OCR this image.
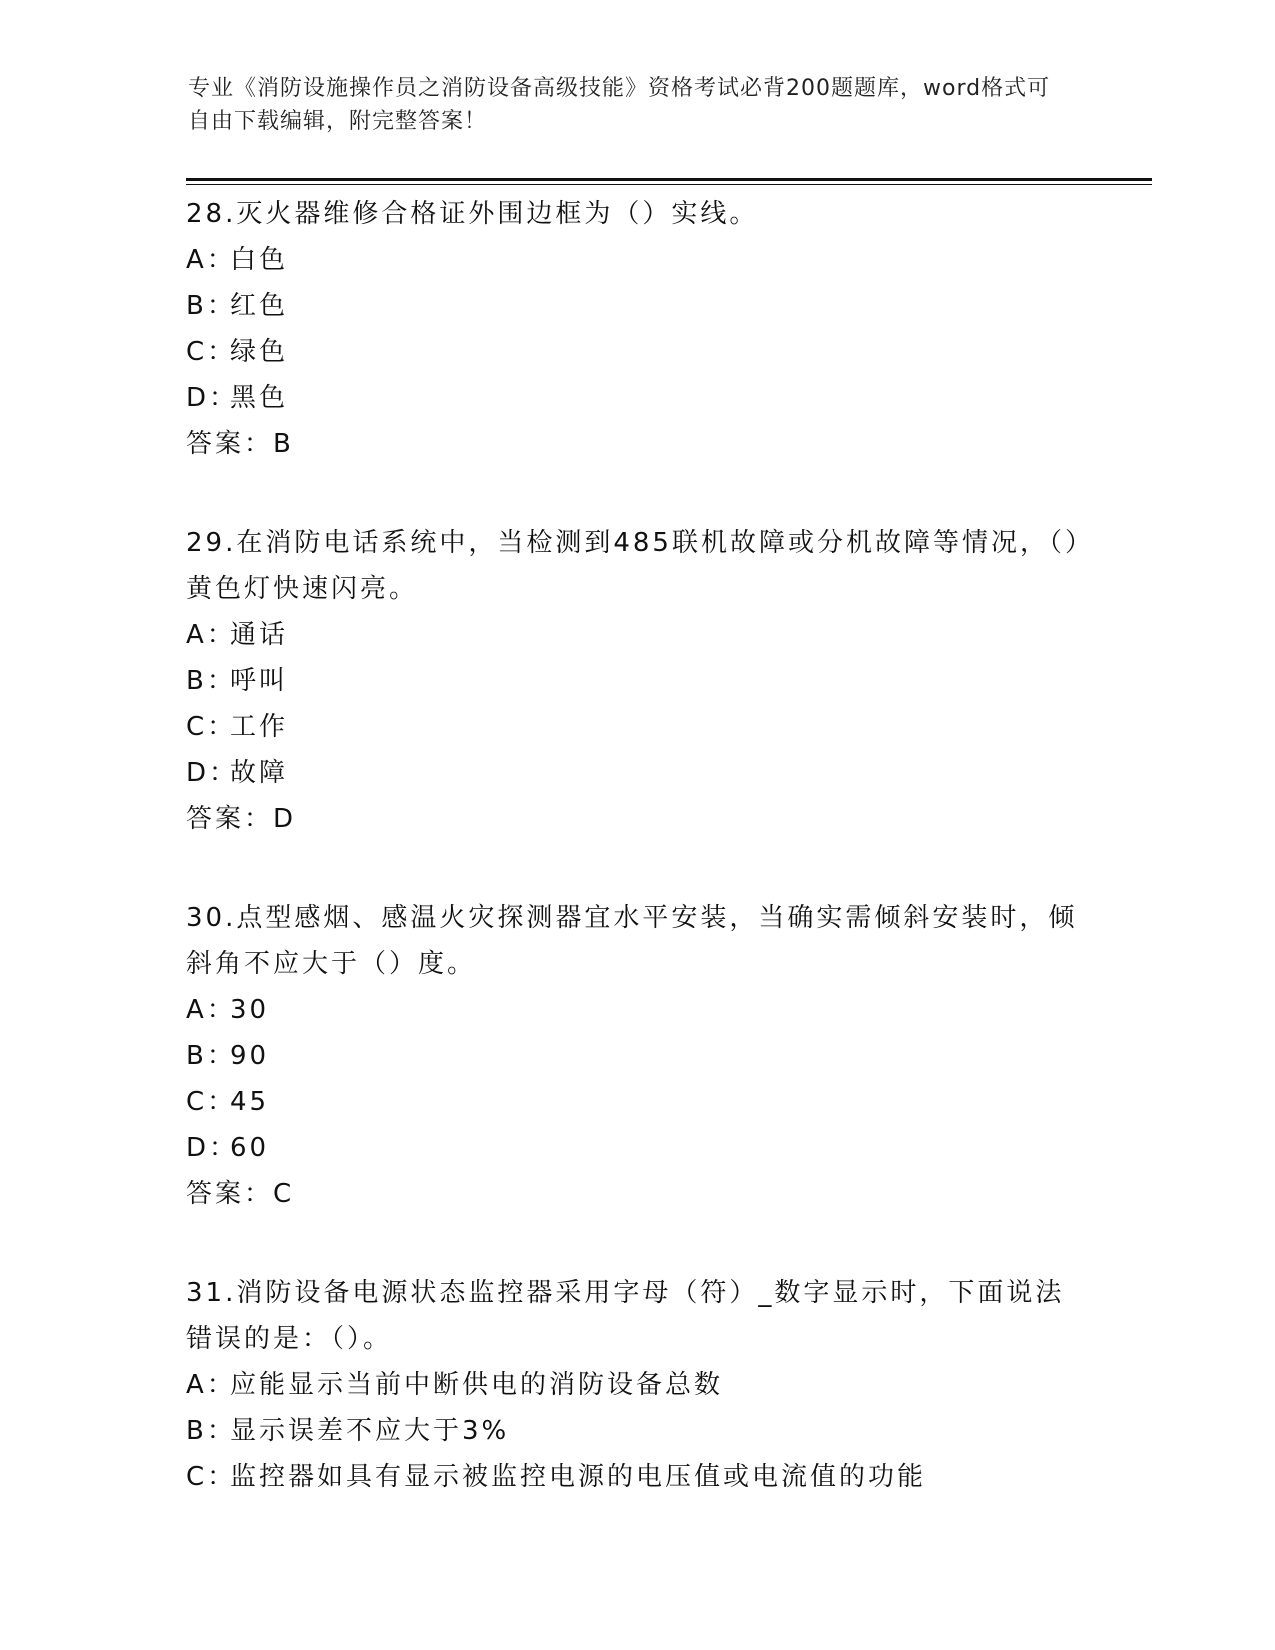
专业《消防设施操作员之消防设备高级技能》资格考试必背200题题库，word格式可自由下载编辑，附完整答案！

28.灭火器维修合格证外围边框为（）实线。

A：白色

B：红色

C：绿色

D：黑色

答案：B

29.在消防电话系统中，当检测到485联机故障或分机故障等情况，（）黄色灯快速闪亮。

A：通话

B：呼叫

C：工作

D：故障

答案：D

30.点型感烟、感温火灾探测器宜水平安装，当确实需倾斜安装时，倾斜角不应大于（）度。

A：30

B：90

C：45

D：60

答案：C

31.消防设备电源状态监控器采用字母（符）_数字显示时，下面说法错误的是：（）。

A：应能显示当前中断供电的消防设备总数

B：显示误差不应大于3%

C：监控器如具有显示被监控电源的电压值或电流值的功能
